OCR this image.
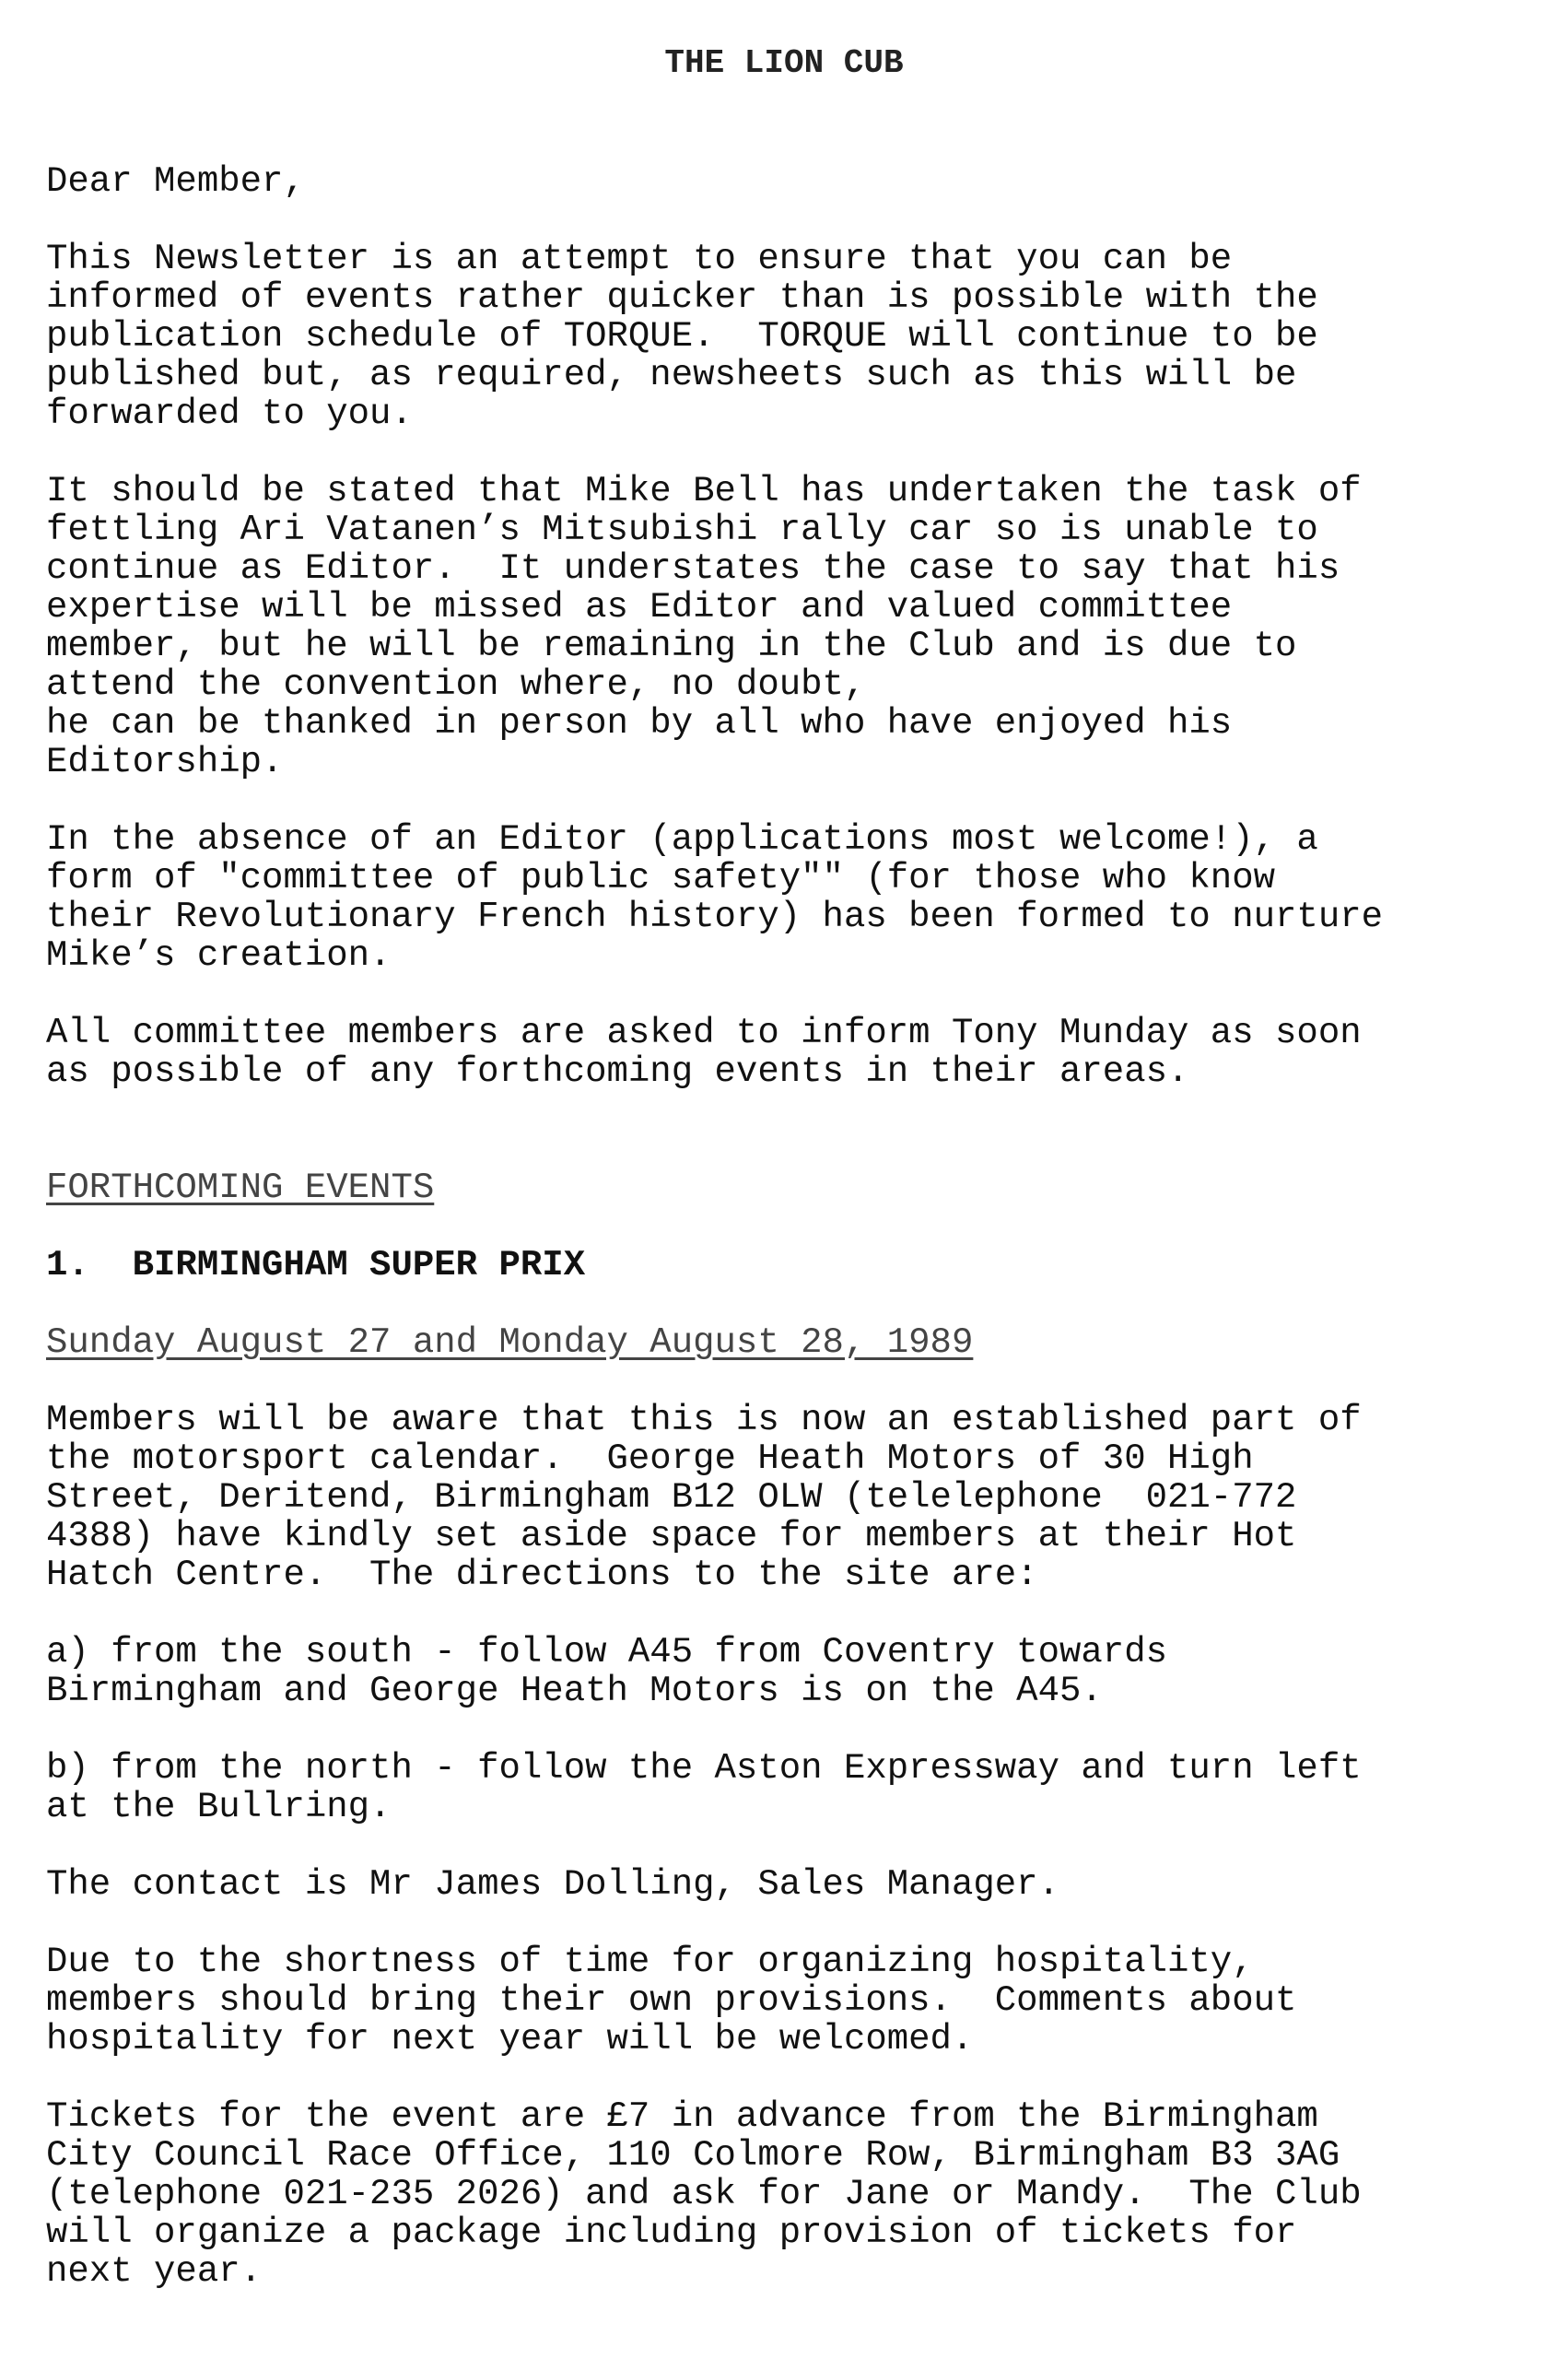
THE LION CUB
Dear Member,
This Newsletter is an attempt to ensure that you can be
informed of events rather quicker than is possible with the
publication schedule of TORQUE.  TORQUE will continue to be
published but, as required, newsheets such as this will be
forwarded to you.
It should be stated that Mike Bell has undertaken the task of
fettling Ari Vatanen’s Mitsubishi rally car so is unable to
continue as Editor.  It understates the case to say that his
expertise will be missed as Editor and valued committee
member, but he will be remaining in the Club and is due to
attend the convention where, no doubt,
he can be thanked in person by all who have enjoyed his
Editorship.
In the absence of an Editor (applications most welcome!), a
form of "committee of public safety"" (for those who know
their Revolutionary French history) has been formed to nurture
Mike’s creation.
All committee members are asked to inform Tony Munday as soon
as possible of any forthcoming events in their areas.
FORTHCOMING EVENTS
1.  BIRMINGHAM SUPER PRIX
Sunday August 27 and Monday August 28, 1989
Members will be aware that this is now an established part of
the motorsport calendar.  George Heath Motors of 30 High
Street, Deritend, Birmingham B12 OLW (telelephone  021-772
4388) have kindly set aside space for members at their Hot
Hatch Centre.  The directions to the site are:
a) from the south - follow A45 from Coventry towards
Birmingham and George Heath Motors is on the A45.
b) from the north - follow the Aston Expressway and turn left
at the Bullring.
The contact is Mr James Dolling, Sales Manager.
Due to the shortness of time for organizing hospitality,
members should bring their own provisions.  Comments about
hospitality for next year will be welcomed.
Tickets for the event are £7 in advance from the Birmingham
City Council Race Office, 110 Colmore Row, Birmingham B3 3AG
(telephone 021-235 2026) and ask for Jane or Mandy.  The Club
will organize a package including provision of tickets for
next year.
